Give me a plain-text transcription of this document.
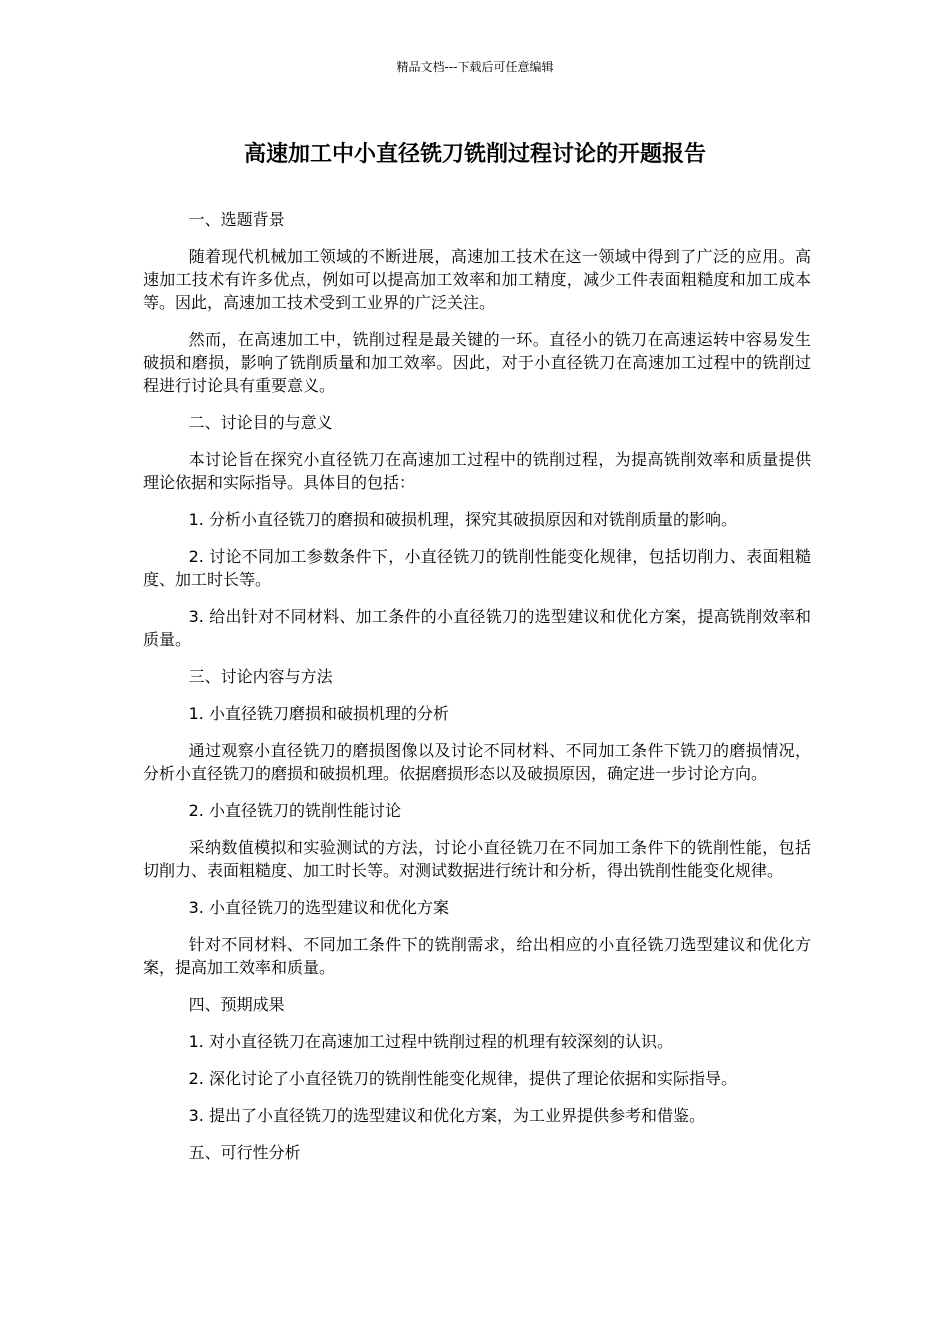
精品文档---下载后可任意编辑
高速加工中小直径铣刀铣削过程讨论的开题报告

一、选题背景

随着现代机械加工领域的不断进展，高速加工技术在这一领域中得到了广泛的应用。高速加工技术有许多优点，例如可以提高加工效率和加工精度，减少工件表面粗糙度和加工成本等。因此，高速加工技术受到工业界的广泛关注。

然而，在高速加工中，铣削过程是最关键的一环。直径小的铣刀在高速运转中容易发生破损和磨损，影响了铣削质量和加工效率。因此，对于小直径铣刀在高速加工过程中的铣削过程进行讨论具有重要意义。

二、讨论目的与意义

本讨论旨在探究小直径铣刀在高速加工过程中的铣削过程，为提高铣削效率和质量提供理论依据和实际指导。具体目的包括：

1. 分析小直径铣刀的磨损和破损机理，探究其破损原因和对铣削质量的影响。

2. 讨论不同加工参数条件下，小直径铣刀的铣削性能变化规律，包括切削力、表面粗糙度、加工时长等。

3. 给出针对不同材料、加工条件的小直径铣刀的选型建议和优化方案，提高铣削效率和质量。

三、讨论内容与方法

1. 小直径铣刀磨损和破损机理的分析

通过观察小直径铣刀的磨损图像以及讨论不同材料、不同加工条件下铣刀的磨损情况，分析小直径铣刀的磨损和破损机理。依据磨损形态以及破损原因，确定进一步讨论方向。

2. 小直径铣刀的铣削性能讨论

采纳数值模拟和实验测试的方法，讨论小直径铣刀在不同加工条件下的铣削性能，包括切削力、表面粗糙度、加工时长等。对测试数据进行统计和分析，得出铣削性能变化规律。

3. 小直径铣刀的选型建议和优化方案

针对不同材料、不同加工条件下的铣削需求，给出相应的小直径铣刀选型建议和优化方案，提高加工效率和质量。

四、预期成果

1. 对小直径铣刀在高速加工过程中铣削过程的机理有较深刻的认识。

2. 深化讨论了小直径铣刀的铣削性能变化规律，提供了理论依据和实际指导。

3. 提出了小直径铣刀的选型建议和优化方案，为工业界提供参考和借鉴。

五、可行性分析
